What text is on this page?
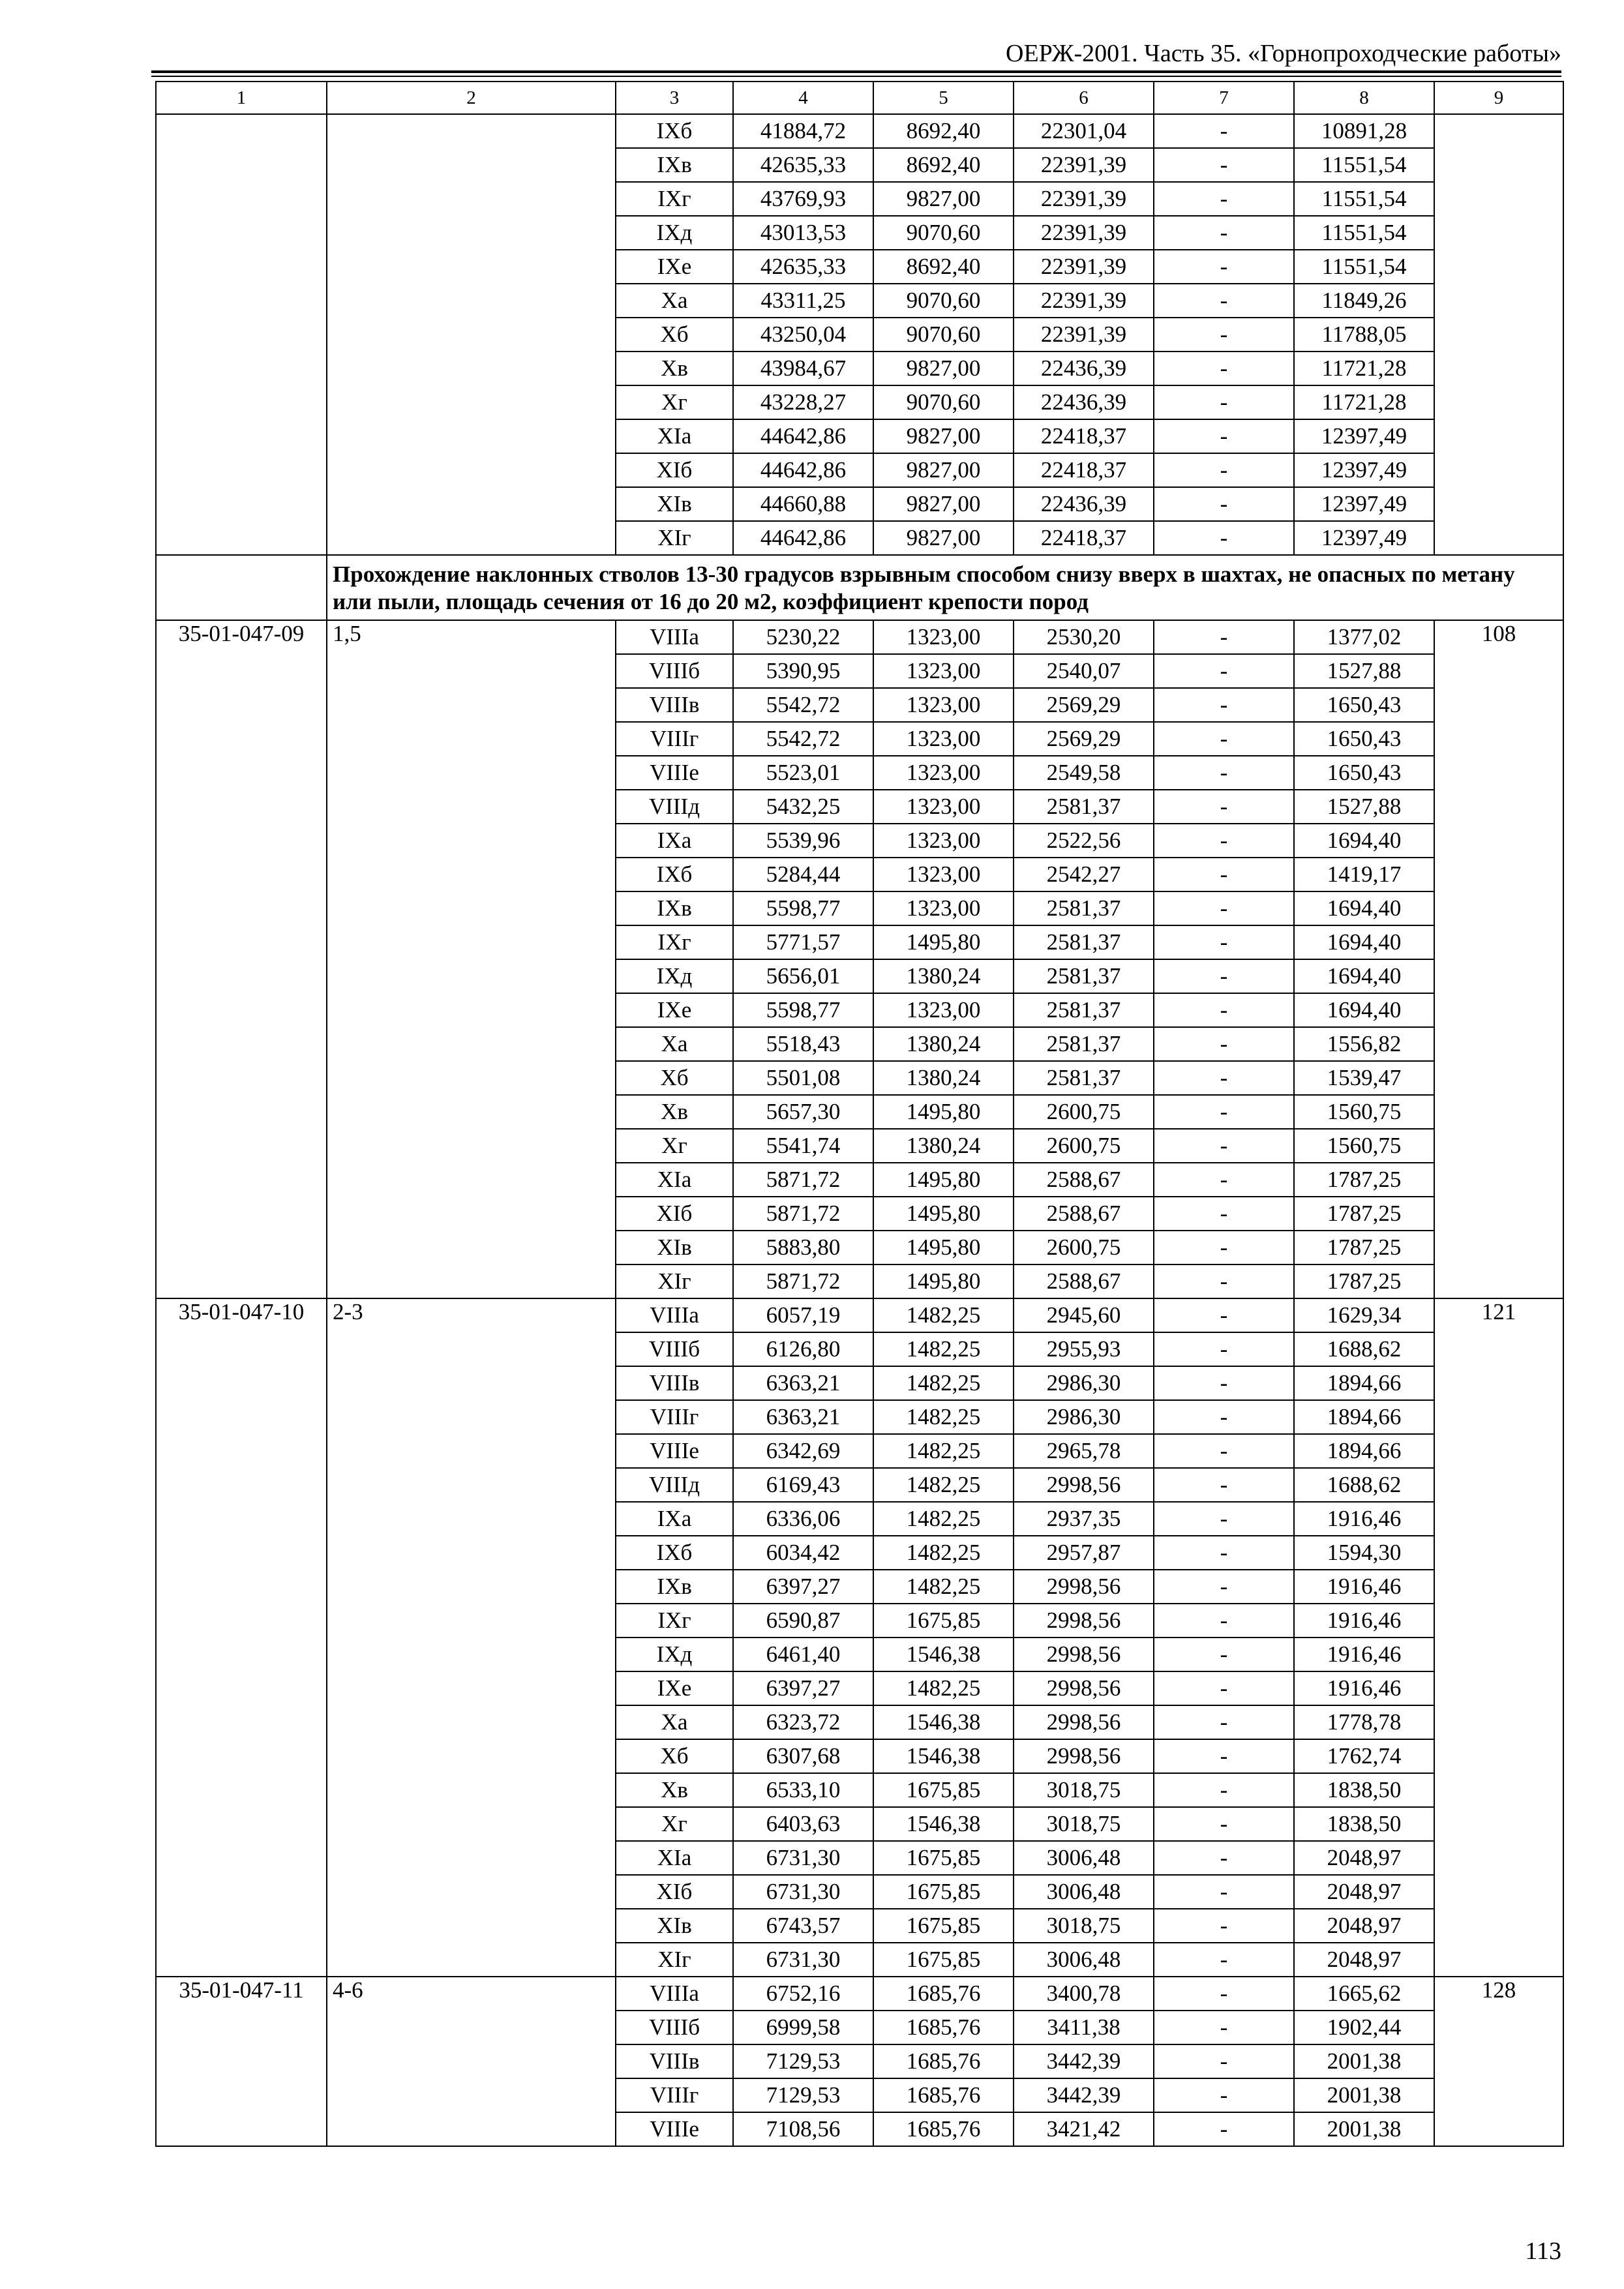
ОЕРЖ-2001. Часть 35. «Горнопроходческие работы»
1	2	3	4	5	6	7	8	9
		IXб	41884,72	8692,40	22301,04	-	10891,28	
		IXв	42635,33	8692,40	22391,39	-	11551,54	
		IXг	43769,93	9827,00	22391,39	-	11551,54	
		IXд	43013,53	9070,60	22391,39	-	11551,54	
		IXе	42635,33	8692,40	22391,39	-	11551,54	
		Xа	43311,25	9070,60	22391,39	-	11849,26	
		Xб	43250,04	9070,60	22391,39	-	11788,05	
		Xв	43984,67	9827,00	22436,39	-	11721,28	
		Xг	43228,27	9070,60	22436,39	-	11721,28	
		XIа	44642,86	9827,00	22418,37	-	12397,49	
		XIб	44642,86	9827,00	22418,37	-	12397,49	
		XIв	44660,88	9827,00	22436,39	-	12397,49	
		XIг	44642,86	9827,00	22418,37	-	12397,49	
	Прохождение наклонных стволов 13-30 градусов взрывным способом снизу вверх в шахтах, не опасных по метану или пыли, площадь сечения от 16 до 20 м2, коэффициент крепости пород							
35-01-047-09	1,5	VIIIа	5230,22	1323,00	2530,20	-	1377,02	108
		VIIIб	5390,95	1323,00	2540,07	-	1527,88	
		VIIIв	5542,72	1323,00	2569,29	-	1650,43	
		VIIIг	5542,72	1323,00	2569,29	-	1650,43	
		VIIIе	5523,01	1323,00	2549,58	-	1650,43	
		VIIIд	5432,25	1323,00	2581,37	-	1527,88	
		IXа	5539,96	1323,00	2522,56	-	1694,40	
		IXб	5284,44	1323,00	2542,27	-	1419,17	
		IXв	5598,77	1323,00	2581,37	-	1694,40	
		IXг	5771,57	1495,80	2581,37	-	1694,40	
		IXд	5656,01	1380,24	2581,37	-	1694,40	
		IXе	5598,77	1323,00	2581,37	-	1694,40	
		Xа	5518,43	1380,24	2581,37	-	1556,82	
		Xб	5501,08	1380,24	2581,37	-	1539,47	
		Xв	5657,30	1495,80	2600,75	-	1560,75	
		Xг	5541,74	1380,24	2600,75	-	1560,75	
		XIа	5871,72	1495,80	2588,67	-	1787,25	
		XIб	5871,72	1495,80	2588,67	-	1787,25	
		XIв	5883,80	1495,80	2600,75	-	1787,25	
		XIг	5871,72	1495,80	2588,67	-	1787,25	
35-01-047-10	2-3	VIIIа	6057,19	1482,25	2945,60	-	1629,34	121
		VIIIб	6126,80	1482,25	2955,93	-	1688,62	
		VIIIв	6363,21	1482,25	2986,30	-	1894,66	
		VIIIг	6363,21	1482,25	2986,30	-	1894,66	
		VIIIе	6342,69	1482,25	2965,78	-	1894,66	
		VIIIд	6169,43	1482,25	2998,56	-	1688,62	
		IXа	6336,06	1482,25	2937,35	-	1916,46	
		IXб	6034,42	1482,25	2957,87	-	1594,30	
		IXв	6397,27	1482,25	2998,56	-	1916,46	
		IXг	6590,87	1675,85	2998,56	-	1916,46	
		IXд	6461,40	1546,38	2998,56	-	1916,46	
		IXе	6397,27	1482,25	2998,56	-	1916,46	
		Xа	6323,72	1546,38	2998,56	-	1778,78	
		Xб	6307,68	1546,38	2998,56	-	1762,74	
		Xв	6533,10	1675,85	3018,75	-	1838,50	
		Xг	6403,63	1546,38	3018,75	-	1838,50	
		XIа	6731,30	1675,85	3006,48	-	2048,97	
		XIб	6731,30	1675,85	3006,48	-	2048,97	
		XIв	6743,57	1675,85	3018,75	-	2048,97	
		XIг	6731,30	1675,85	3006,48	-	2048,97	
35-01-047-11	4-6	VIIIа	6752,16	1685,76	3400,78	-	1665,62	128
		VIIIб	6999,58	1685,76	3411,38	-	1902,44	
		VIIIв	7129,53	1685,76	3442,39	-	2001,38	
		VIIIг	7129,53	1685,76	3442,39	-	2001,38	
		VIIIе	7108,56	1685,76	3421,42	-	2001,38	
113
